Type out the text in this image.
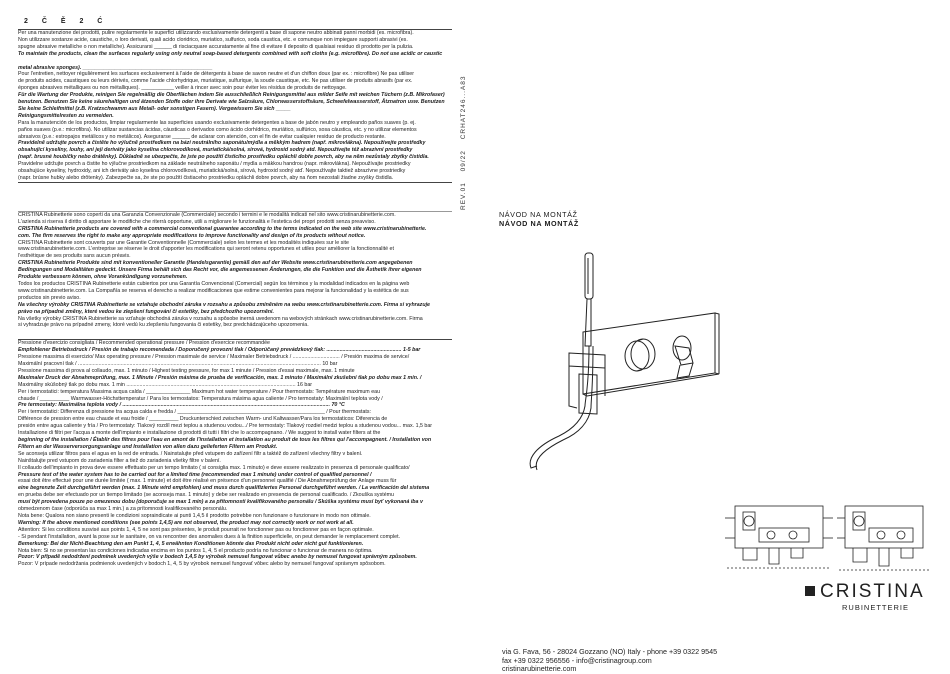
2 Č Ě 2 Ć

Per una manutenzione dei prodotti, pulire regolarmente le superfici utilizzando esclusivamente detergenti a base di sapone neutro abbinati panni morbidi (es. microfibra).

Non utilizzare sostanze acide, caustiche, o loro derivati, quali acido cloridrico, muriatico, sulfurico, soda caustica, etc. e comunque non impiegare supporti abrasivi (es.

spugne abrasive metalliche o non metalliche). Assicurarsi ______ di risciacquare accuratamente al fine di evitare il deposito di qualsiasi residuo di prodotto per la pulizia.

To maintain the products, clean the surfaces regularly using only neutral soap-based detergents combined with soft cloths (e.g. microfibre). Do not use acidic or caustic

metal abrasive sponges). ____________________________________________

Pour l'entretien, nettoyer régulièrement les surfaces exclusivement à l'aide de détergents à base de savon neutre et d'un chiffon doux (par ex. : microfibre) Ne pas utiliser

de produits acides, caustiques ou leurs dérivés, comme l'acide chlorhydrique, muriatique, sulfurique, la soude caustique, etc. Ne pas utiliser de produits abrasifs (par ex.

éponges abrasives métalliques ou non métalliques). ___________ veiller à rincer avec soin pour éviter les résidus de produits de nettoyage.

Für die Wartung der Produkte, reinigen Sie regelmäßig die Oberflächen indem Sie ausschließlich Reinigungsmittel aus milder Seife mit weichen Tüchern (z.B. Mikrofaser)

benutzen. Benutzen Sie keine säurehaltigen und ätzenden Stoffe oder ihre Derivate wie Salzsäure, Chlorwasserstoffsäure, Schwefelwasserstoff, Ätznatron usw. Benutzen

Sie keine Schleifmittel (z.B. Kratzschwamm aus Metall- oder sonstigen Fasern). Vergewissern Sie sich _____

Reinigungsmittelresten zu vermeiden.

Para la manutención de los productos, limpiar regularmente las superficies usando exclusivamente detergentes a base de jabón neutro y empleando paños suaves (p. ej.

paños suaves (p.e.: microfibra). No utilizar sustancias ácidas, cáusticas o derivados como ácido clorhídrico, muriático, sulfúrico, sosa cáustica, etc. y no utilizar elementos

abrasivos (p.e.: estropajos metálicos y no metálicos). Asegurarse ______ de aclarar con atención, con el fin de evitar cualquier residuo de producto restante.

Pravidelně udržujte povrch a čistěte ho výlučně prostředkem na bázi neutrálního saponátu/mýdla a měkkým hadrem (např. mikrovlákna). Nepoužívejte prostředky

obsahující kyseliny, louhy, ani jeji deriváty jako kyselina chlorovodíková, muriatická/solná, sírová, hydroxid sodný atd. Nepoužívejte též abrazivní prostředky

(např. brusné houbičky nebo drátěnky). Důkladně se ubezpečte, že jste po použití čisticího prostředku opláchli dobře povrch, aby na něm nezůstaly zbytky čistidla.

Pravidelne udržujte povrch a čistite ho výlučne prostriedkom na základe neutrálneho saponátu / mydla a mäkkou handrou (napr. mikrovlákna). Nepoužívajte prostriedky

obsahujúce kyseliny, hydroxidy, ani ich deriváty ako kyselina chlorovodíková, muriatická/solná, sírová, hydroxid sodný atď. Nepoužívajte taktiež abrazívne prostriedky

(napr. brúsne hubky alebo drôtenky). Zabezpečte sa, že ste po použití čistiaceho prostriedku opláchli dobre povrch, aby na ňom nezostali žiadne zvyšky čistidla.

CRISTINA Rubinetterie sono coperti da una Garanzia Convenzionale (Commerciale) secondo i termini e le modalità indicati nel sito www.cristinarubinetterie.com.

L'azienda si riserva il diritto di apportare le modifiche che riterrà opportune, utili a migliorare le funzionalità e l'estetica dei propri prodotti senza preavviso.

CRISTINA Rubinetterie products are covered with a commercial conventional guarantee according to the terms indicated on the web site www.cristinarubinetterie.

com. The firm reserves the right to make any appropriate modifications to improve functionality and design of its products without notice.

CRISTINA Rubinetterie sont couverts par une Garantie Conventionnelle (Commerciale) selon les termes et les modalités indiquées sur le site

www.cristinarubinetterie.com. L'entreprise se réserve le droit d'apporter les modifications qui seront retenu opportunes et utiles pour améliorer la fonctionnalité et

l'esthétique de ses produits sans aucun préavis.

CRISTINA Rubinetterie Produkte sind mit konventioneller Garantie (Handelsgarantie) gemäß den auf der Website www.cristinarubinetterie.com angegebenen

Bedingungen und Modalitäten gedeckt. Unsere Firma behält sich das Recht vor, die angemessenen Änderungen, die die Funktion und die Ästhetik ihrer eigenen

Produkte verbessern können, ohne Vorankündigung vorzunehmen.

Todos los productos CRISTINA Rubinetterie están cubiertos por una Garantía Convencional (Comercial) según los términos y la modalidad indicados en la página web

www.cristinarubinetterie.com. La Compañía se reserva el derecho a realizar modificaciones que estime convenientes para mejorar la funcionalidad y la estética de sus

productos sin previo aviso.

Na všechny výrobky CRISTINA Rubinetterie se vztahuje obchodní záruka v rozsahu a způsobu zmíněném na webu www.cristinarubinetterie.com. Firma si vyhrazuje

právo na případné změny, které vedou ke zlepšení fungování či estetiky, bez předchozího upozornění.

Na všetky výrobky CRISTINA Rubinetterie sa vzťahuje obchodná záruka v rozsahu a spôsobe inerná uvedenom na webových stránkach www.cristinarubinetterie.com. Firma

si vyhradzuje právo na prípadné zmeny, ktoré vedú ku zlepšeniu fungovania či estetiky, bez predchádzajúceho upozornenia.

Pressione d'esercizio consigliata / Recommended operational pressure / Pression d'exercice recommandée

Empfohlener Betriebsdruck / Presión de trabajo recomendada / Doporučený provozní tlak / Odporúčaný prevádzkový tlak: ................................................... 1-5 bar

Pressione massima di esercizio/ Max operating pressure / Pression maximale de service / Maximaler Betriebsdruck / ................................ / Presión maxima de service/

Maximální pracovní tlak / ..................................................................................................................................................................... 10 bar

Pressione massima di prova al collaudo, max. 1 minuto / Highest testing pressure, for max 1 minute / Pression d'essai maximale, max. 1 minute

Maximaler Druck der Abnahmeprüfung, max. 1 Minute / Presión máxima de prueba de verificación, max. 1 minuto / Maximální zkušební tlak po dobu max 1 min. /

Maximálny skúšobný tlak po dobu max. 1 min ................................................................................................................... 16 bar

Per i termostatici: temperatura Massima acqua calda / _______________ Maximum hot water temperature / Pour thermostats: Température maximum eau

chaude / __________ Warmwasser-Höchsttemperatur / Para los termostatos: Temperatura máxima agua caliente / Pro termostaty: Maximální teplota vody /

Pre termostaty: Maximálna teplota vody / ............................................................................................................................................. 70 °C

Per i termostatici: Differenza di pressione tra acqua calda e fredda / __________________________________________________ / Pour thermostats:

Différence de pression entre eau chaude et eau froide / __________ Druckunterschied zwischen Warm- und Kaltwasser/Para los termostaticos: Diferencia de

presión entre agua caliente y fría / Pro termostaty: Tlakový rozdíl mezi teplou a studenou vodou.../ Pre termostaty: Tlakový rozdiel medzi teplou a studenou vodou... max. 1,5 bar

Installazione di filtri per l'acqua a monte dell'impianto e installazione di prodotti di tutti i filtri che lo accompagnano. / We suggest to install water filters at the

beginning of the installation / Établir des filtres pour l'eau en amont de l'installation et installation au produit de tous les filtres qui l'accompagnent. / Installation von

Filtern an der Wasserversorgungsanlage und Installation von allen dazu gelieferten Filtern am Produkt.

Se aconseja utilizar filtros para el agua en la red de entrada. / Nainstalujte před vstupem do zařízení filtr a taktéž do zařízení všechny filtry v balení.

Nainštalujte pred vstupom do zariadenia filter a tiež do zariadenia všetky filtre v balení.

Il collaudo dell'impianto in prova deve essere effettuato per un tempo limitato ( si consiglia max. 1 minuto) e deve essere realizzato in presenza di personale qualificato/

Pressure test of the water system has to be carried out for a limited time (recommended max 1 minute) under control of qualified personnel /

essai doit être effectué pour une durée limitée ( max. 1 minute) et doit être réalisé en présence d'un personnel qualifié / Die Abnahmeprüfung der Anlage muss für

eine begrenzte Zeit durchgeführt werden (max. 1 Minute wird empfohlen) und muss durch qualifiziertes Personal durchgeführt werden. / La verificación del sistema

en prueba debe ser efectuado por un tiempo limitado (se aconseja max. 1 minuto) y debe ser realizado en presencia de personal cualificado. / Zkouška systému

musí být provedena pouze po omezenou dobu (doporučuje se max 1 min) a za přítomnosti kvalifikovaného personálu / Skúška systému musí byť vykonaná iba v

obmedzenom čase (odporúča sa max 1 min.) a za prítomnosti kvalifikovaného personálu.

Nota bene: Qualora non siano presenti le condizioni sopraindicate ai punti 1,4,5 il prodotto potrebbe non funzionare o funzionare in modo non ottimale.

Warning: If the above mentioned conditions (see points 1,4,5) are not observed, the product may not correctly work or not work at all.

Attention: Si les conditions susvisé aux points 1, 4, 5 ne sont pas présentes, le produit pourrait ne fonctionner pas ou fonctionner pas en façon optimale.

- Si pendant l'installation, avant la pose sur le sanitaire, on va rencontrer des anomalies dues à la finition superficielle, on peut demander le remplacement complet.

Bemerkung: Bei der Nicht-Beachtung den am Punkt 1, 4, 5 erwähnten Konditionen könnte das Produkt nicht oder nicht gut funktionieren.

Nota bien: Si no se presentan las condiciones indicadas encima en los puntos 1, 4, 5 el producto podría no funcionar o funcionar de manera no óptima.

Pozor: V případě nedodržení podmínek uvedených výše v bodech 1,4,5 by výrobek nemusel fungovat vůbec anebo by nemusel fungovat správným způsobem.

Pozor: V prípade nedodržania podmienok uvedených v bodoch 1, 4, 5 by výrobok nemusel fungovať vôbec alebo by nemusel fungovať správnym spôsobom.

REV.01 09/22 CRHAT246...A83
NÁVOD NA MONTÁŽ
NÁVOD NA MONTÁŽ
CRISTINA
RUBINETTERIE
via G. Fava, 56 - 28024 Gozzano (NO) Italy - phone +39 0322 9545
fax +39 0322 956556 - info@cristinagroup.com
cristinarubinetterie.com
